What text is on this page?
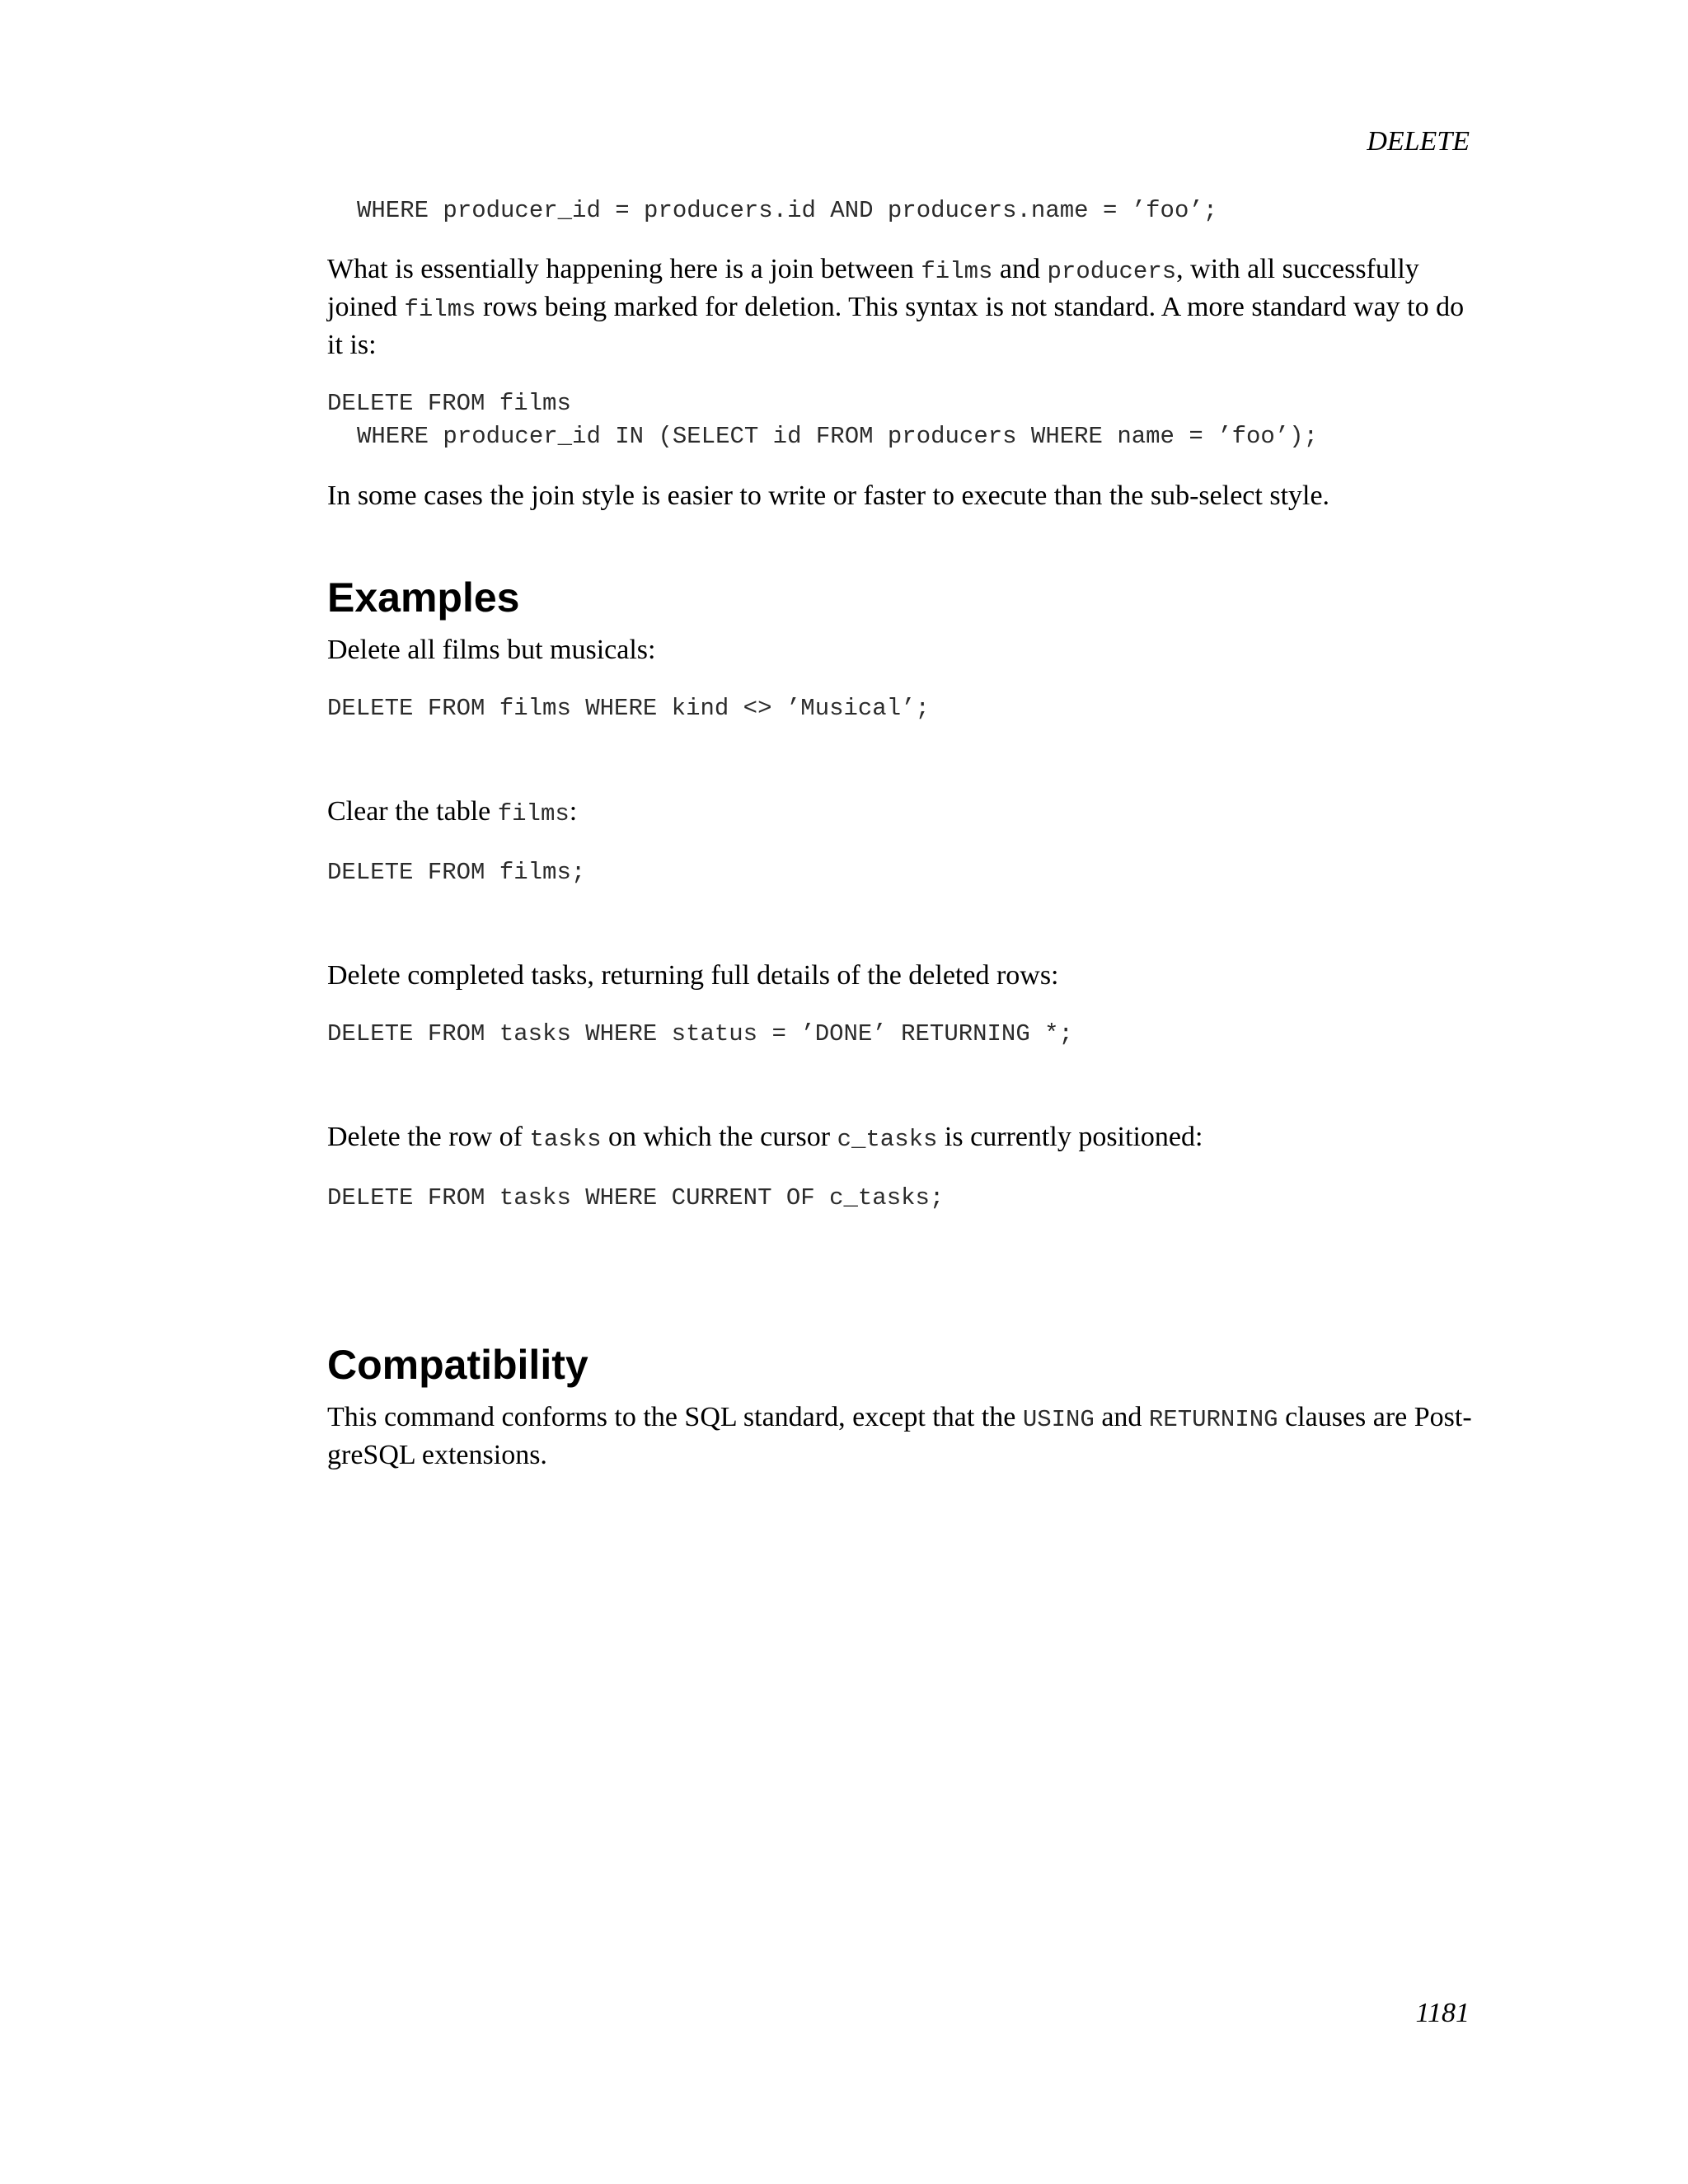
DELETE
WHERE producer_id = producers.id AND producers.name = ’foo’;

What is essentially happening here is a join between films and producers, with all successfully joined films rows being marked for deletion. This syntax is not standard. A more standard way to do it is:

DELETE FROM films
WHERE producer_id IN (SELECT id FROM producers WHERE name = ’foo’);

In some cases the join style is easier to write or faster to execute than the sub-select style.

Examples

Delete all films but musicals:

DELETE FROM films WHERE kind <> ’Musical’;

Clear the table films:

DELETE FROM films;

Delete completed tasks, returning full details of the deleted rows:

DELETE FROM tasks WHERE status = ’DONE’ RETURNING *;

Delete the row of tasks on which the cursor c_tasks is currently positioned:

DELETE FROM tasks WHERE CURRENT OF c_tasks;
Compatibility

This command conforms to the SQL standard, except that the USING and RETURNING clauses are Post-greSQL extensions.

1181
